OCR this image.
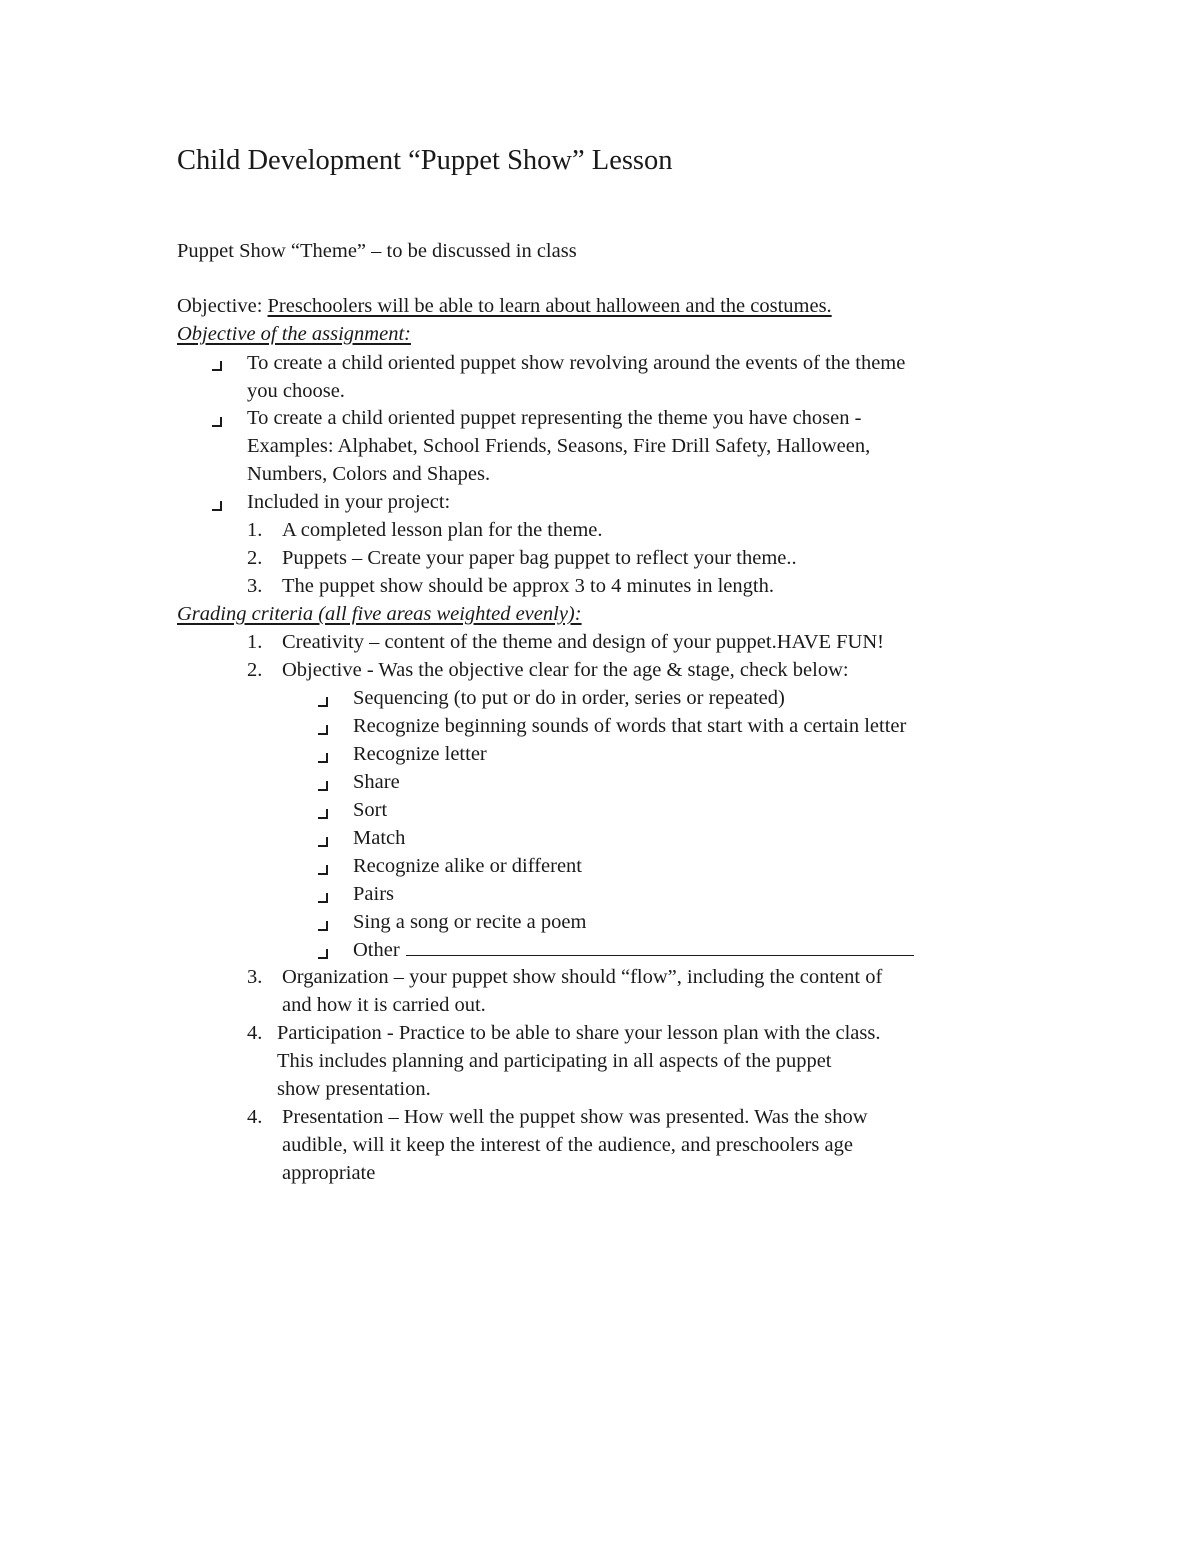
Child Development “Puppet Show” Lesson
Puppet Show “Theme” – to be discussed in class
Objective: Preschoolers will be able to learn about halloween and the costumes.
Objective of the assignment:
To create a child oriented puppet show revolving around the events of the theme
you choose.
To create a child oriented puppet representing the theme you have chosen -
Examples: Alphabet, School Friends, Seasons, Fire Drill Safety, Halloween,
Numbers, Colors and Shapes.
Included in your project:
1. A completed lesson plan for the theme.
2. Puppets – Create your paper bag puppet to reflect your theme..
3. The puppet show should be approx 3 to 4 minutes in length.
Grading criteria (all five areas weighted evenly):
1. Creativity – content of the theme and design of your puppet.HAVE FUN!
2. Objective - Was the objective clear for the age & stage, check below:
Sequencing (to put or do in order, series or repeated)
Recognize beginning sounds of words that start with a certain letter
Recognize letter
Share
Sort
Match
Recognize alike or different
Pairs
Sing a song or recite a poem
Other
3. Organization – your puppet show should “flow”, including the content of
and how it is carried out.
4. Participation - Practice to be able to share your lesson plan with the class.
This includes planning and participating in all aspects of the puppet
show presentation.
4. Presentation – How well the puppet show was presented. Was the show
audible, will it keep the interest of the audience, and preschoolers age
appropriate
